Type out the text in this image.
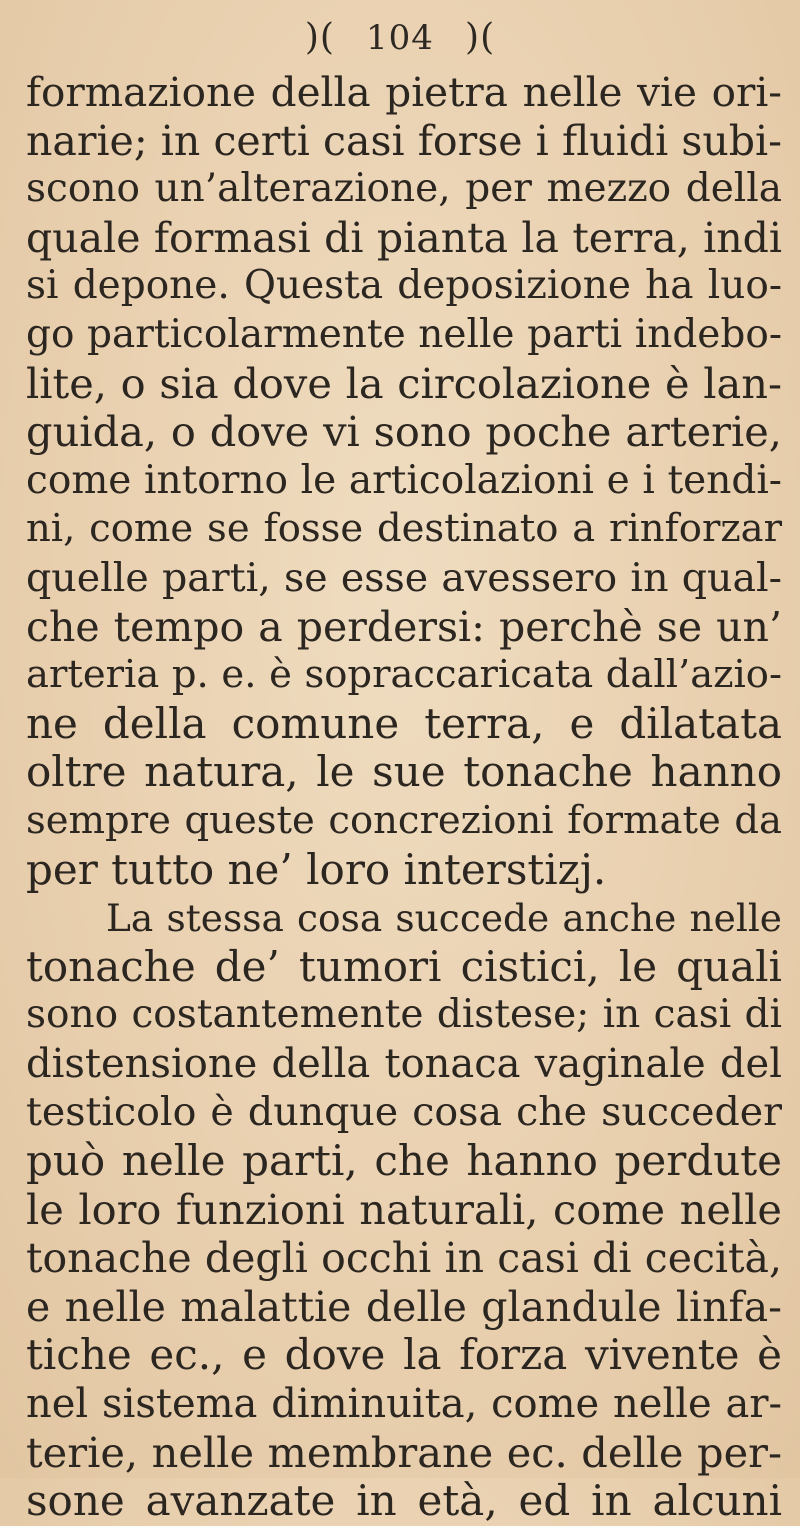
)( 104 )(
formazione della pietra nelle vie ori-
narie; in certi casi forse i fluidi subi-
scono un’alterazione, per mezzo della
quale formasi di pianta la terra, indi
si depone. Questa deposizione ha luo-
go particolarmente nelle parti indebo-
lite, o sia dove la circolazione è lan-
guida, o dove vi sono poche arterie,
come intorno le articolazioni e i tendi-
ni, come se fosse destinato a rinforzar
quelle parti, se esse avessero in qual-
che tempo a perdersi: perchè se un’
arteria p. e. è sopraccaricata dall’azio-
ne della comune terra, e dilatata
oltre natura, le sue tonache hanno
sempre queste concrezioni formate da
per tutto ne’ loro interstizj.
La stessa cosa succede anche nelle
tonache de’ tumori cistici, le quali
sono costantemente distese; in casi di
distensione della tonaca vaginale del
testicolo è dunque cosa che succeder
può nelle parti, che hanno perdute
le loro funzioni naturali, come nelle
tonache degli occhi in casi di cecità,
e nelle malattie delle glandule linfa-
tiche ec., e dove la forza vivente è
nel sistema diminuita, come nelle ar-
terie, nelle membrane ec. delle per-
sone avanzate in età, ed in alcuni
